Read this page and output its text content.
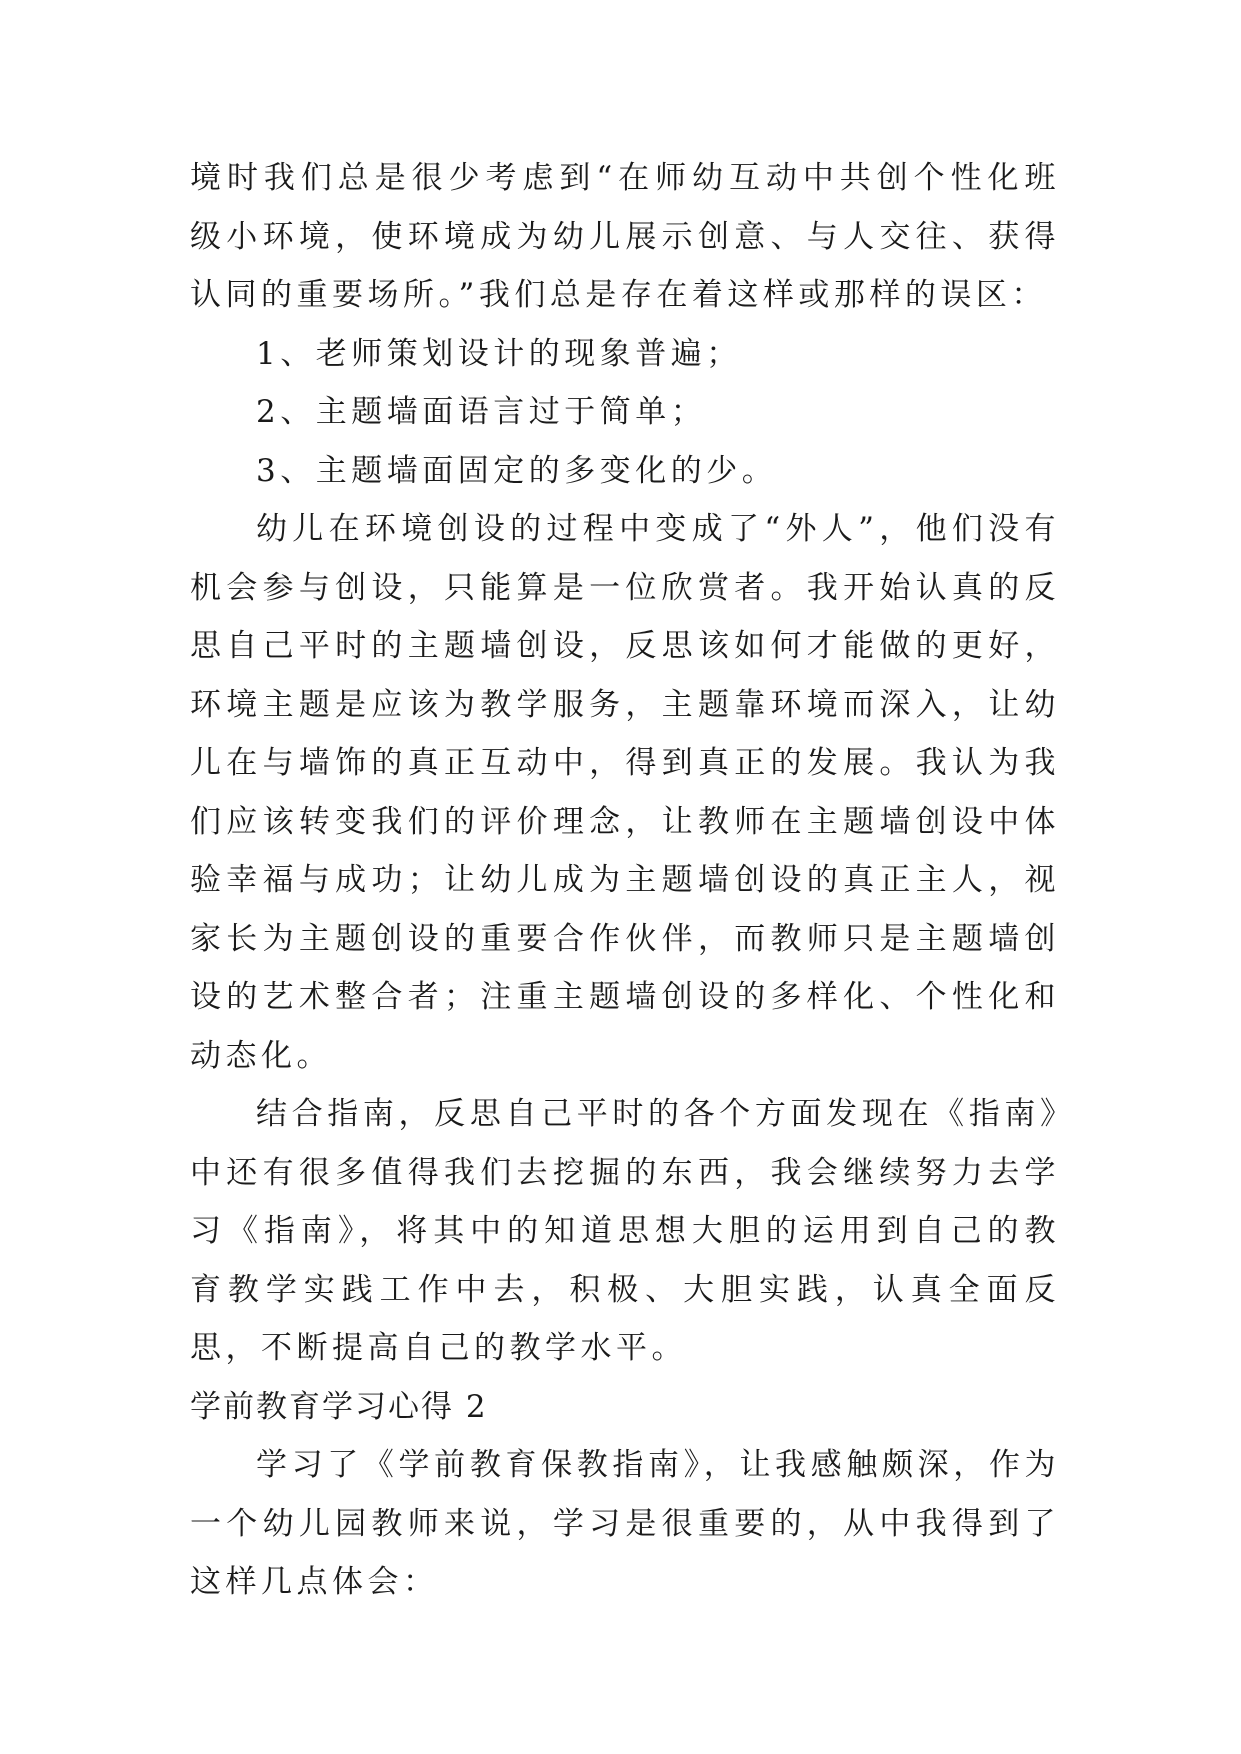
境时我们总是很少考虑到“在师幼互动中共创个性化班级小环境，使环境成为幼儿展示创意、与人交往、获得认同的重要场所。”我们总是存在着这样或那样的误区：

1、老师策划设计的现象普遍；

2、主题墙面语言过于简单；

3、主题墙面固定的多变化的少。

幼儿在环境创设的过程中变成了“外人”，他们没有机会参与创设，只能算是一位欣赏者。我开始认真的反思自己平时的主题墙创设，反思该如何才能做的更好，环境主题是应该为教学服务，主题靠环境而深入，让幼儿在与墙饰的真正互动中，得到真正的发展。我认为我们应该转变我们的评价理念，让教师在主题墙创设中体验幸福与成功；让幼儿成为主题墙创设的真正主人，视家长为主题创设的重要合作伙伴，而教师只是主题墙创设的艺术整合者；注重主题墙创设的多样化、个性化和动态化。

结合指南，反思自己平时的各个方面发现在《指南》中还有很多值得我们去挖掘的东西，我会继续努力去学习《指南》，将其中的知道思想大胆的运用到自己的教育教学实践工作中去，积极、大胆实践，认真全面反思，不断提高自己的教学水平。

学前教育学习心得 2

学习了《学前教育保教指南》，让我感触颇深，作为一个幼儿园教师来说，学习是很重要的，从中我得到了这样几点体会：
